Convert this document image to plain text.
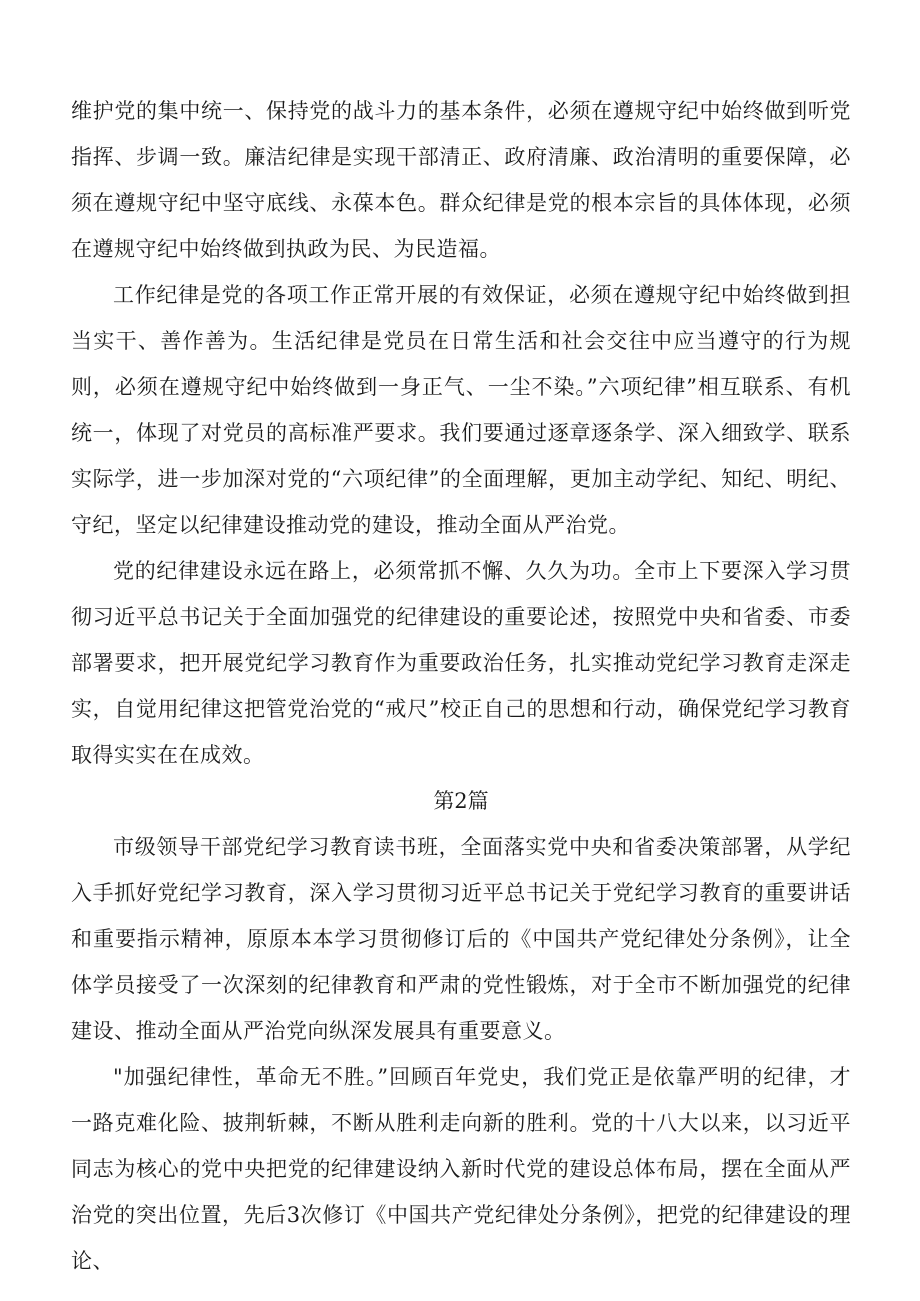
维护党的集中统一、保持党的战斗力的基本条件，必须在遵规守纪中始终做到听党指挥、步调一致。廉洁纪律是实现干部清正、政府清廉、政治清明的重要保障，必须在遵规守纪中坚守底线、永葆本色。群众纪律是党的根本宗旨的具体体现，必须在遵规守纪中始终做到执政为民、为民造福。

工作纪律是党的各项工作正常开展的有效保证，必须在遵规守纪中始终做到担当实干、善作善为。生活纪律是党员在日常生活和社会交往中应当遵守的行为规则，必须在遵规守纪中始终做到一身正气、一尘不染。”六项纪律”相互联系、有机统一，体现了对党员的高标准严要求。我们要通过逐章逐条学、深入细致学、联系实际学，进一步加深对党的“六项纪律”的全面理解，更加主动学纪、知纪、明纪、守纪，坚定以纪律建设推动党的建设，推动全面从严治党。

党的纪律建设永远在路上，必须常抓不懈、久久为功。全市上下要深入学习贯彻习近平总书记关于全面加强党的纪律建设的重要论述，按照党中央和省委、市委部署要求，把开展党纪学习教育作为重要政治任务，扎实推动党纪学习教育走深走实，自觉用纪律这把管党治党的“戒尺”校正自己的思想和行动，确保党纪学习教育取得实实在在成效。

第2篇

市级领导干部党纪学习教育读书班，全面落实党中央和省委决策部署，从学纪入手抓好党纪学习教育，深入学习贯彻习近平总书记关于党纪学习教育的重要讲话和重要指示精神，原原本本学习贯彻修订后的《中国共产党纪律处分条例》，让全体学员接受了一次深刻的纪律教育和严肃的党性锻炼，对于全市不断加强党的纪律建设、推动全面从严治党向纵深发展具有重要意义。

"加强纪律性，革命无不胜。”回顾百年党史，我们党正是依靠严明的纪律，才一路克难化险、披荆斩棘，不断从胜利走向新的胜利。党的十八大以来，以习近平同志为核心的党中央把党的纪律建设纳入新时代党的建设总体布局，摆在全面从严治党的突出位置，先后3次修订《中国共产党纪律处分条例》，把党的纪律建设的理论、
